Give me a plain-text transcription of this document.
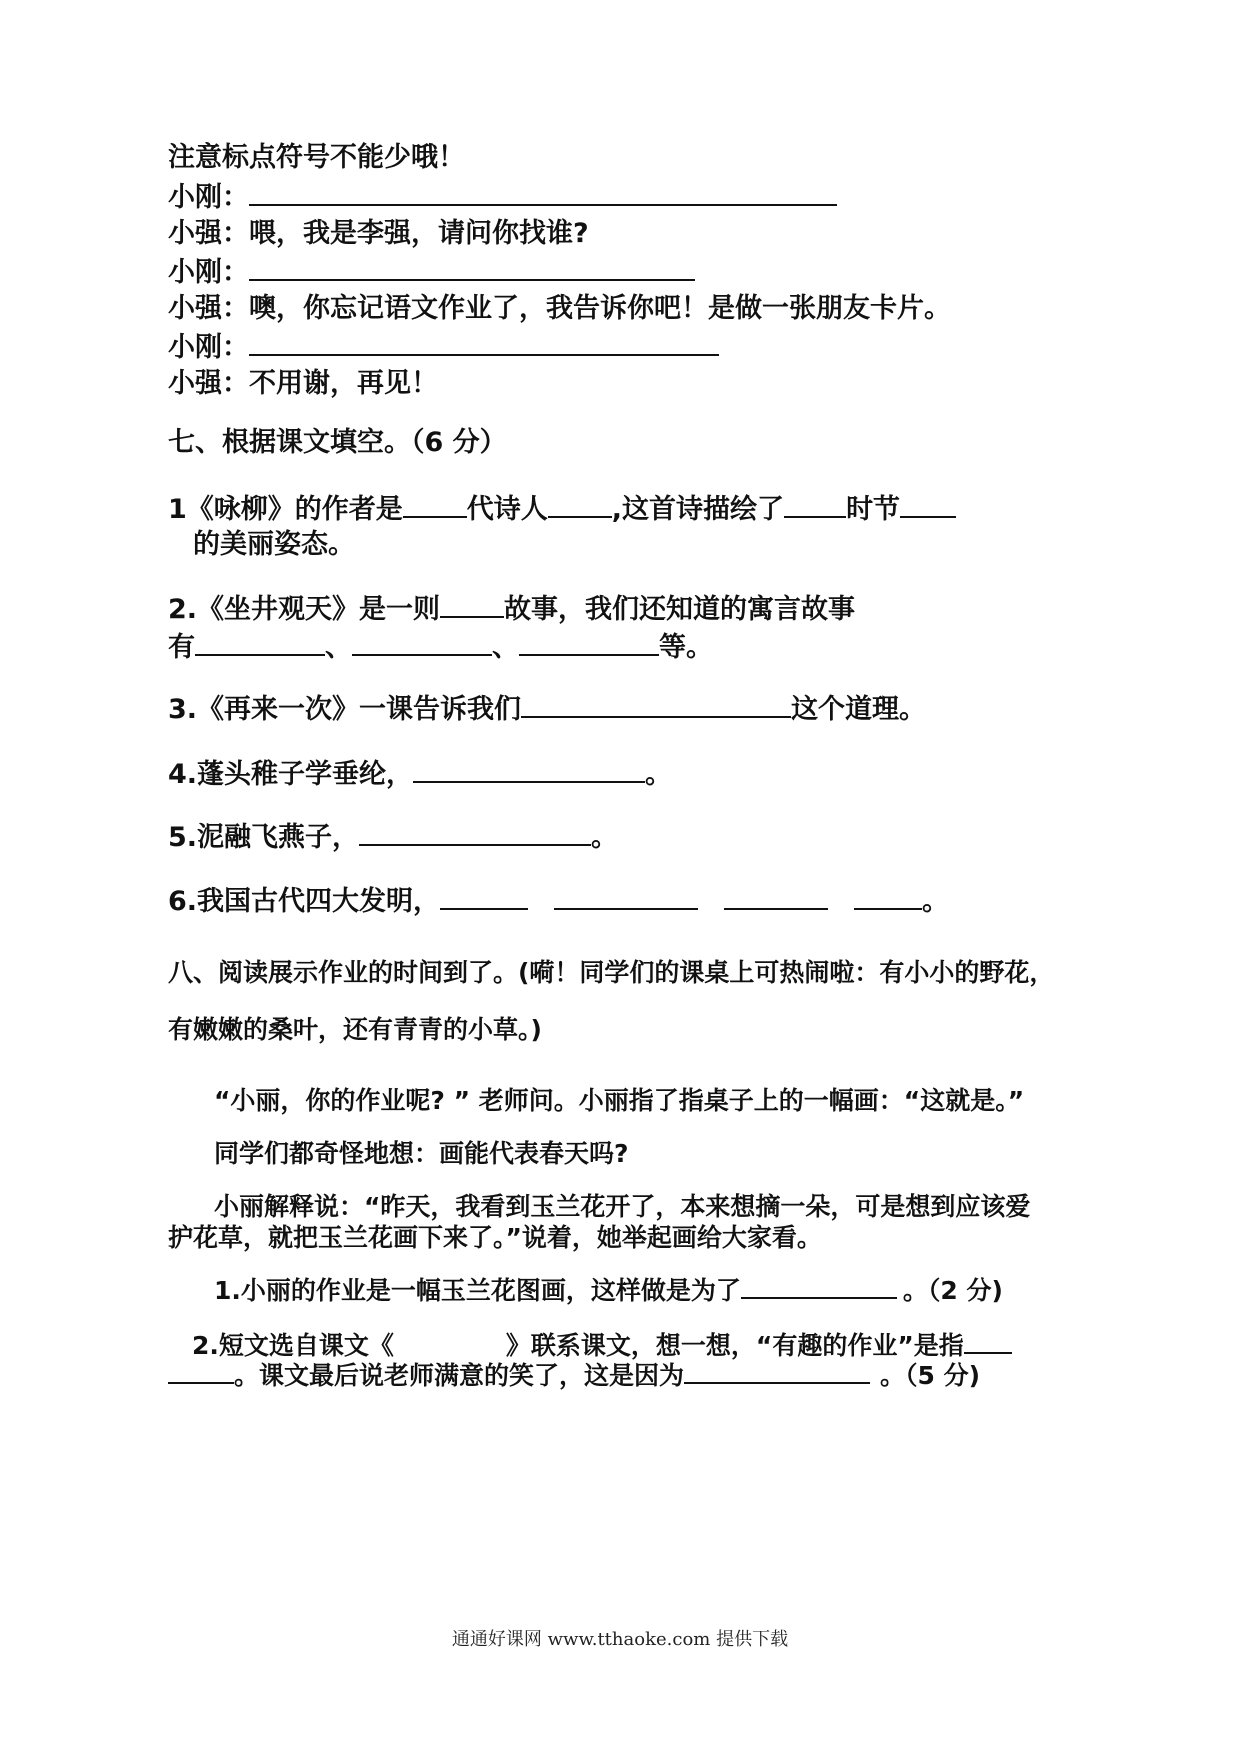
注意标点符号不能少哦！
小刚：
小强：喂，我是李强，请问你找谁?
小刚：
小强：噢，你忘记语文作业了，我告诉你吧！是做一张朋友卡片。
小刚：
小强：不用谢，再见！
七、根据课文填空。（6 分）
1《咏柳》的作者是 代诗人 ,这首诗描绘了 时节
的美丽姿态。
2.《坐井观天》是一则 故事，我们还知道的寓言故事
有	、	、	等。
3.《再来一次》一课告诉我们	这个道理。
4.蓬头稚子学垂纶，	。
5.泥融飞燕子，	。
6.我国古代四大发明，	。
八、阅读展示作业的时间到了。(嗬！同学们的课桌上可热闹啦：有小小的野花，
有嫩嫩的桑叶，还有青青的小草。)
“小丽，你的作业呢? ” 老师问。小丽指了指桌子上的一幅画：“这就是。”
同学们都奇怪地想：画能代表春天吗?
小丽解释说：“昨天，我看到玉兰花开了，本来想摘一朵，可是想到应该爱
护花草，就把玉兰花画下来了。”说着，她举起画给大家看。
1.小丽的作业是一幅玉兰花图画，这样做是为了	。（2 分)
2.短文选自课文《	》联系课文，想一想，“有趣的作业”是指
。课文最后说老师满意的笑了，这是因为	。（5 分)
通通好课网 www.tthaoke.com 提供下载
